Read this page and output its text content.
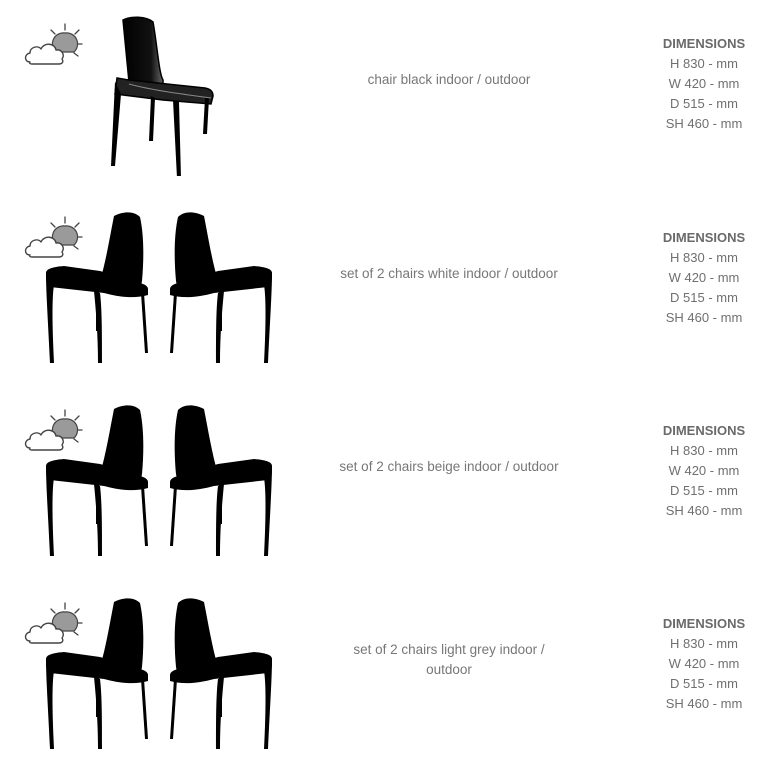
chair black indoor / outdoor
DIMENSIONS
H 830 - mm
W 420 - mm
D 515 - mm
SH 460 - mm
set of 2 chairs white indoor / outdoor
DIMENSIONS
H 830 - mm
W 420 - mm
D 515 - mm
SH 460 - mm
set of 2 chairs beige indoor / outdoor
DIMENSIONS
H 830 - mm
W 420 - mm
D 515 - mm
SH 460 - mm
set of 2 chairs light grey indoor / outdoor
DIMENSIONS
H 830 - mm
W 420 - mm
D 515 - mm
SH 460 - mm
